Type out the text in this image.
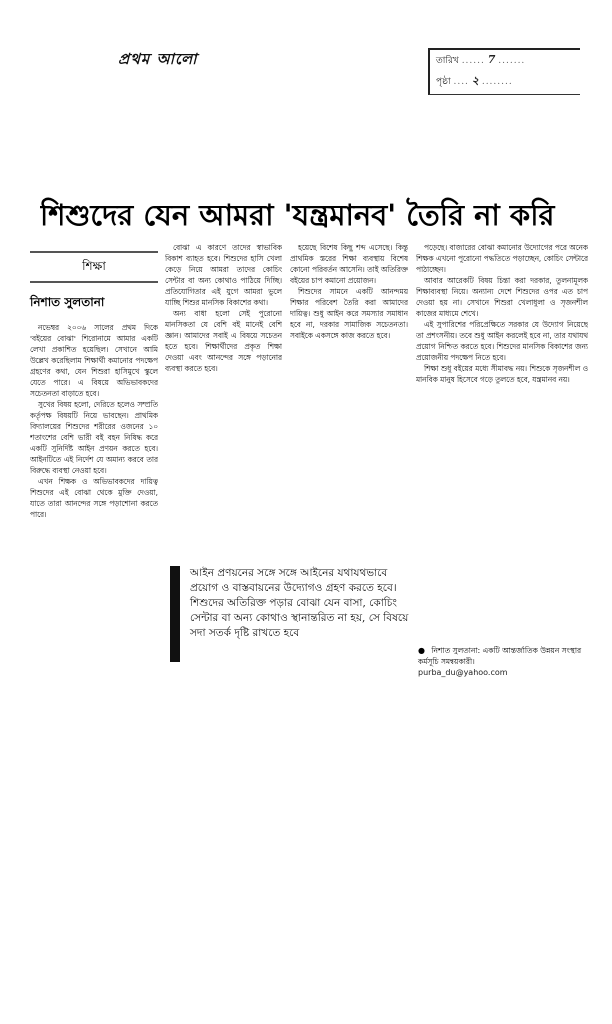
প্রথম আলো	তারিখ ...... 7 .......
পৃষ্ঠা .... ২ ........
শিশুদের যেন আমরা 'যন্ত্রমানব' তৈরি না করি
শিক্ষা
নিশাত সুলতানা

নভেম্বর ২০০৬ সালের প্রথম দিকে 'বইয়ের বোঝা' শিরোনামে আমার একটি লেখা প্রকাশিত হয়েছিল। সেখানে আমি উল্লেখ করেছিলাম শিক্ষার্থী কমানোর পদক্ষেপ গ্রহণের কথা, যেন শিশুরা হাসিমুখে স্কুলে যেতে পারে। এ বিষয়ে অভিভাবকদের সচেতনতা বাড়াতে হবে।

সুখের বিষয় হলো, দেরিতে হলেও সম্প্রতি কর্তৃপক্ষ বিষয়টি নিয়ে ভাবছেন। প্রাথমিক বিদ্যালয়ের শিশুদের শরীরের ওজনের ১০ শতাংশের বেশি ভারী বই বহন নিষিদ্ধ করে একটি সুনির্দিষ্ট আইন প্রণয়ন করতে হবে। আইনটিতে এই নির্দেশ যে অমান্য করবে তার বিরুদ্ধে ব্যবস্থা নেওয়া হবে।

এখন শিক্ষক ও অভিভাবকদের দায়িত্ব শিশুদের এই বোঝা থেকে মুক্তি দেওয়া, যাতে তারা আনন্দের সঙ্গে পড়াশোনা করতে পারে।

বোঝা এ কারণে তাদের স্বাভাবিক বিকাশ ব্যাহত হবে। শিশুদের হাসি খেলা কেড়ে নিয়ে আমরা তাদের কোচিং সেন্টার বা অন্য কোথাও পাঠিয়ে দিচ্ছি। প্রতিযোগিতার এই যুগে আমরা ভুলে যাচ্ছি শিশুর মানসিক বিকাশের কথা।

অন্য বাধা হলো সেই পুরোনো মানসিকতা যে বেশি বই মানেই বেশি জ্ঞান। আমাদের সবাই এ বিষয়ে সচেতন হতে হবে। শিক্ষার্থীদের প্রকৃত শিক্ষা দেওয়া এবং আনন্দের সঙ্গে পড়ানোর ব্যবস্থা করতে হবে।

হয়েছে বিশেষ কিছু শব্দ এসেছে। কিন্তু প্রাথমিক স্তরের শিক্ষা ব্যবস্থায় বিশেষ কোনো পরিবর্তন আসেনি। তাই অতিরিক্ত বইয়ের চাপ কমানো প্রয়োজন।

শিশুদের সামনে একটি আনন্দময় শিক্ষার পরিবেশ তৈরি করা আমাদের দায়িত্ব। শুধু আইন করে সমস্যার সমাধান হবে না, দরকার সামাজিক সচেতনতা। সবাইকে একসঙ্গে কাজ করতে হবে।

পড়েছে। বাজারের বোঝা কমানোর উদ্যোগের পরে অনেক শিক্ষক এখনো পুরোনো পদ্ধতিতে পড়াচ্ছেন, কোচিং সেন্টারে পাঠাচ্ছেন।

আবার আরেকটি বিষয় চিন্তা করা দরকার, তুলনামূলক শিক্ষাব্যবস্থা নিয়ে। অন্যান্য দেশে শিশুদের ওপর এত চাপ দেওয়া হয় না। সেখানে শিশুরা খেলাধুলা ও সৃজনশীল কাজের মাধ্যমে শেখে।

এই সুপারিশের পরিপ্রেক্ষিতে সরকার যে উদ্যোগ নিয়েছে তা প্রশংসনীয়। তবে শুধু আইন করলেই হবে না, তার যথাযথ প্রয়োগ নিশ্চিত করতে হবে। শিশুদের মানসিক বিকাশের জন্য প্রয়োজনীয় পদক্ষেপ নিতে হবে।

শিক্ষা শুধু বইয়ের মধ্যে সীমাবদ্ধ নয়। শিশুকে সৃজনশীল ও মানবিক মানুষ হিসেবে গড়ে তুলতে হবে, যন্ত্রমানব নয়।

আইন প্রণয়নের সঙ্গে সঙ্গে আইনের যথাযথভাবে প্রয়োগ ও বাস্তবায়নের উদ্যোগও গ্রহণ করতে হবে। শিশুদের অতিরিক্ত পড়ার বোঝা যেন বাসা, কোচিং সেন্টার বা অন্য কোথাও স্থানান্তরিত না হয়, সে বিষয়ে সদা সতর্ক দৃষ্টি রাখতে হবে
● নিশাত সুলতানা: একটি আন্তর্জাতিক উন্নয়ন সংস্থার কর্মসূচি সমন্বয়কারী।
purba_du@yahoo.com
